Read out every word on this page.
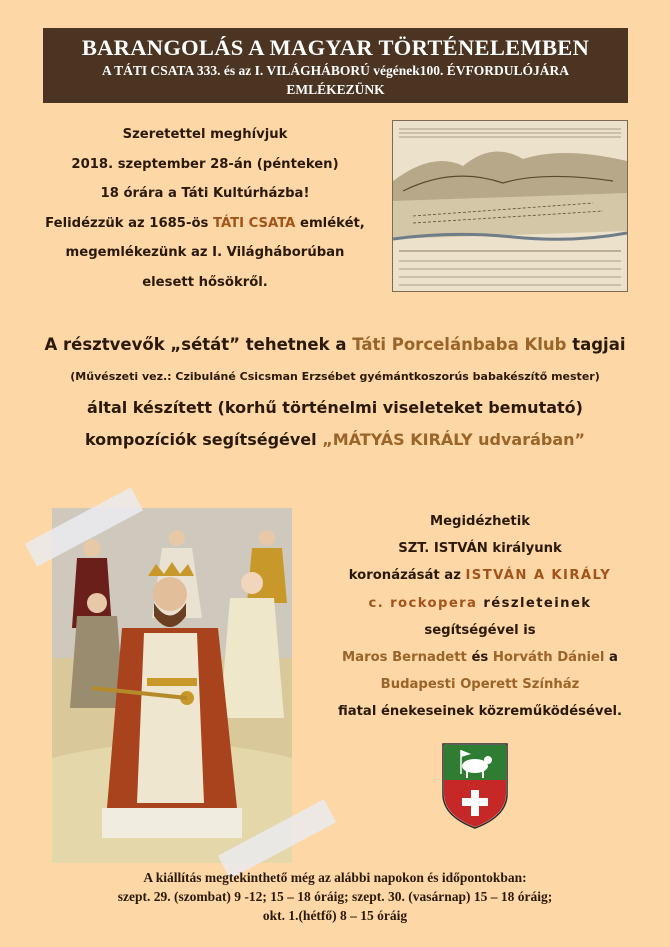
BARANGOLÁS A MAGYAR TÖRTÉNELEMBEN
A TÁTI CSATA 333. és az I. VILÁGHÁBORÚ végének100. ÉVFORDULÓJÁRA
EMLÉKEZÜNK
Szeretettel meghívjuk
2018. szeptember 28-án (pénteken)
18 órára a Táti Kultúrházba!
Felidézzük az 1685-ös TÁTI CSATA emlékét,
megemlékezünk az I. Világháborúban
elesett hősökről.
A résztvevők „sétát” tehetnek a Táti Porcelánbaba Klub tagjai
(Művészeti vez.: Czibuláné Csicsman Erzsébet gyémántkoszorús babakészítő mester)
által készített (korhű történelmi viseleteket bemutató)
kompozíciók segítségével „MÁTYÁS KIRÁLY udvarában”
Megidézhetik
SZT. ISTVÁN királyunk
koronázását az ISTVÁN A KIRÁLY
c. rockopera részleteinek
segítségével is
Maros Bernadett és Horváth Dániel a
Budapesti Operett Színház
fiatal énekeseinek közreműködésével.
A kiállítás megtekinthető még az alábbi napokon és időpontokban:
szept. 29. (szombat) 9 -12; 15 – 18 óráig; szept. 30. (vasárnap) 15 – 18 óráig;
okt. 1.(hétfő) 8 – 15 óráig
